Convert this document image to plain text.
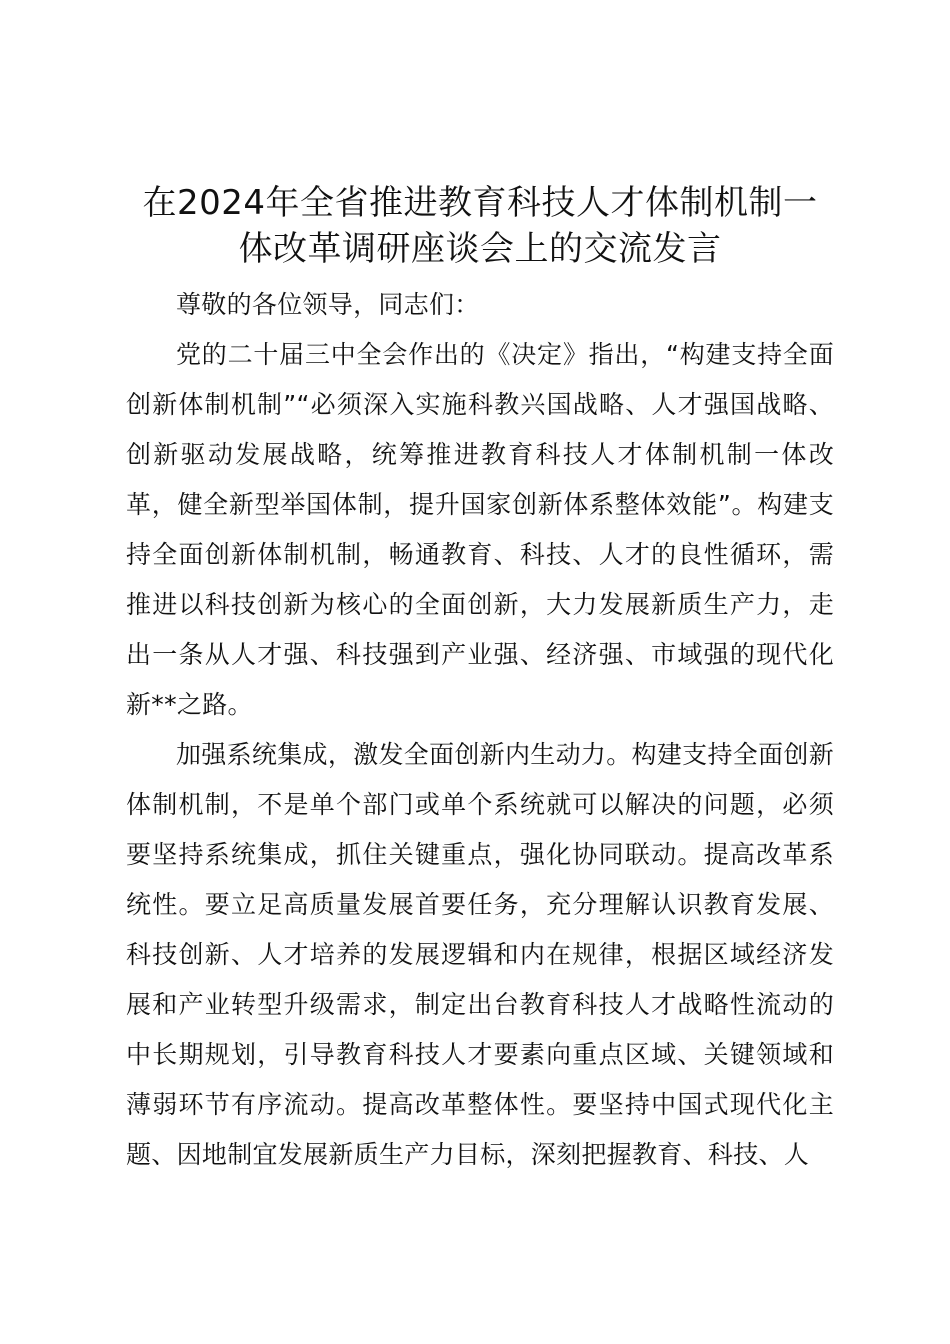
在2024年全省推进教育科技人才体制机制一
体改革调研座谈会上的交流发言

尊敬的各位领导，同志们：

党的二十届三中全会作出的《决定》指出，“构建支持全面创新体制机制”“必须深入实施科教兴国战略、人才强国战略、创新驱动发展战略，统筹推进教育科技人才体制机制一体改革，健全新型举国体制，提升国家创新体系整体效能”。构建支持全面创新体制机制，畅通教育、科技、人才的良性循环，需推进以科技创新为核心的全面创新，大力发展新质生产力，走出一条从人才强、科技强到产业强、经济强、市域强的现代化新**之路。

加强系统集成，激发全面创新内生动力。构建支持全面创新体制机制，不是单个部门或单个系统就可以解决的问题，必须要坚持系统集成，抓住关键重点，强化协同联动。提高改革系统性。要立足高质量发展首要任务，充分理解认识教育发展、科技创新、人才培养的发展逻辑和内在规律，根据区域经济发展和产业转型升级需求，制定出台教育科技人才战略性流动的中长期规划，引导教育科技人才要素向重点区域、关键领域和薄弱环节有序流动。提高改革整体性。要坚持中国式现代化主题、因地制宜发展新质生产力目标，深刻把握教育、科技、人
